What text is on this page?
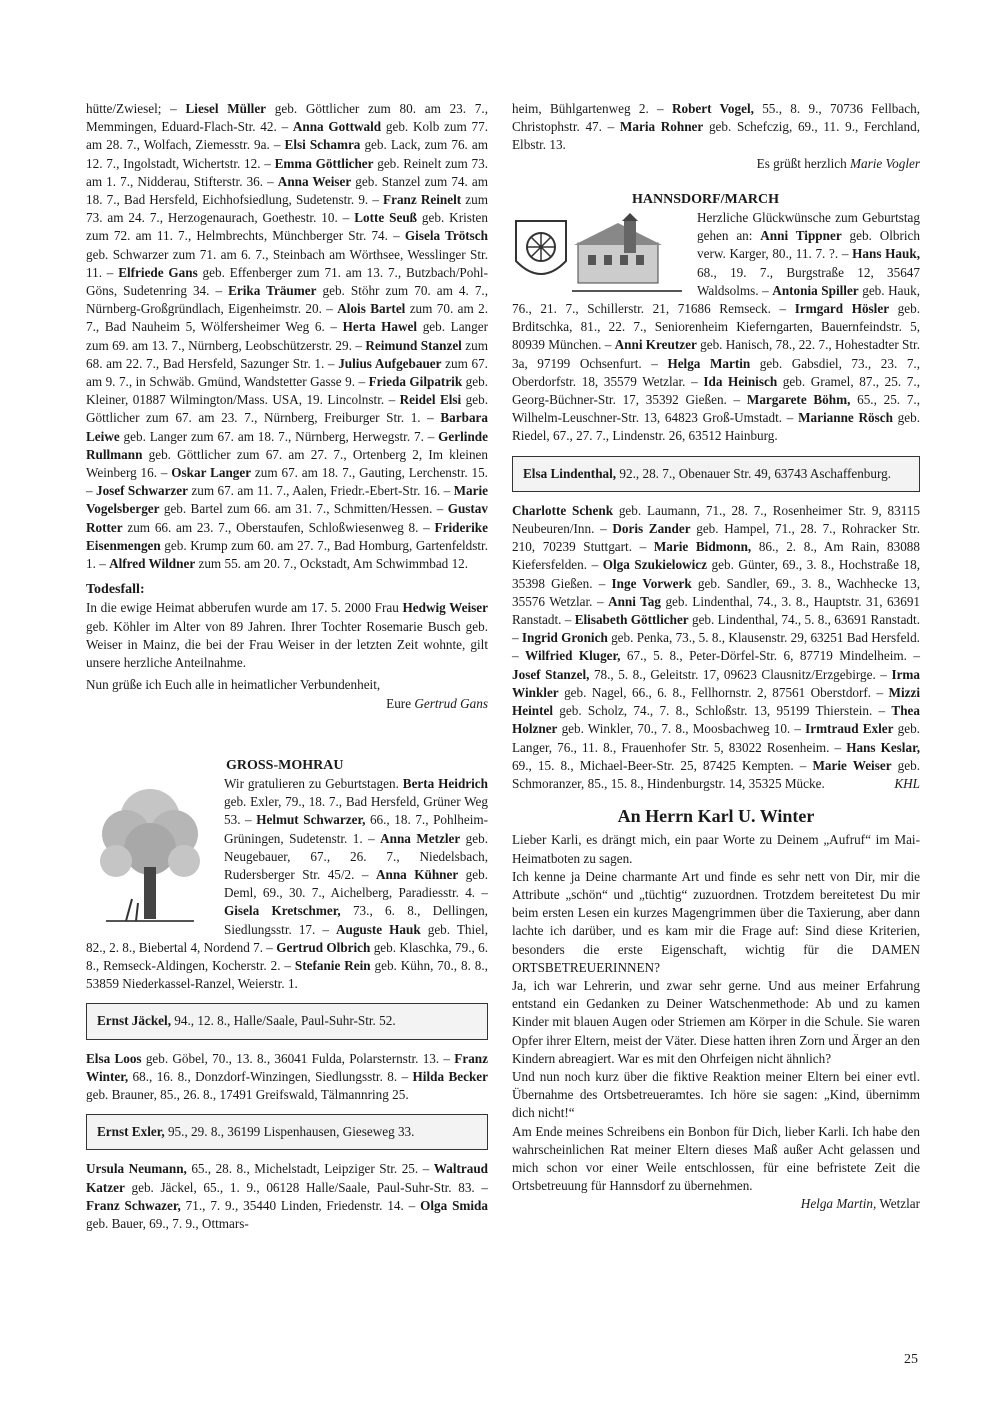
hütte/Zwiesel; – Liesel Müller geb. Göttlicher zum 80. am 23. 7., Memmingen, Eduard-Flach-Str. 42. – Anna Gottwald geb. Kolb zum 77. am 28. 7., Wolfach, Ziemesstr. 9a. – Elsi Schamra geb. Lack, zum 76. am 12. 7., Ingolstadt, Wichertstr. 12. – Emma Göttlicher geb. Reinelt zum 73. am 1. 7., Nidderau, Stifterstr. 36. – Anna Weiser geb. Stanzel zum 74. am 18. 7., Bad Hersfeld, Eichhofsiedlung, Sudetenstr. 9. – Franz Reinelt zum 73. am 24. 7., Herzogenaurach, Goethestr. 10. – Lotte Seuß geb. Kristen zum 72. am 11. 7., Helmbrechts, Münchberger Str. 74. – Gisela Trötsch geb. Schwarzer zum 71. am 6. 7., Steinbach am Wörthsee, Wesslinger Str. 11. – Elfriede Gans geb. Effenberger zum 71. am 13. 7., Butzbach/Pohl-Göns, Sudetenring 34. – Erika Träumer geb. Stöhr zum 70. am 4. 7., Nürnberg-Großgründlach, Eigenheimstr. 20. – Alois Bartel zum 70. am 2. 7., Bad Nauheim 5, Wölfersheimer Weg 6. – Herta Hawel geb. Langer zum 69. am 13. 7., Nürnberg, Leobschützerstr. 29. – Reimund Stanzel zum 68. am 22. 7., Bad Hersfeld, Sazunger Str. 1. – Julius Aufgebauer zum 67. am 9. 7., in Schwäb. Gmünd, Wandstetter Gasse 9. – Frieda Gilpatrik geb. Kleiner, 01887 Wilmington/Mass. USA, 19. Lincolnstr. – Reidel Elsi geb. Göttlicher zum 67. am 23. 7., Nürnberg, Freiburger Str. 1. – Barbara Leiwe geb. Langer zum 67. am 18. 7., Nürnberg, Herwegstr. 7. – Gerlinde Rullmann geb. Göttlicher zum 67. am 27. 7., Ortenberg 2, Im kleinen Weinberg 16. – Oskar Langer zum 67. am 18. 7., Gauting, Lerchenstr. 15. – Josef Schwarzer zum 67. am 11. 7., Aalen, Friedr.-Ebert-Str. 16. – Marie Vogelsberger geb. Bartel zum 66. am 31. 7., Schmitten/Hessen. – Gustav Rotter zum 66. am 23. 7., Oberstaufen, Schloßwiesenweg 8. – Friderike Eisenmengen geb. Krump zum 60. am 27. 7., Bad Homburg, Gartenfeldstr. 1. – Alfred Wildner zum 55. am 20. 7., Ockstadt, Am Schwimmbad 12.

Todesfall:

In die ewige Heimat abberufen wurde am 17. 5. 2000 Frau Hedwig Weiser geb. Köhler im Alter von 89 Jahren. Ihrer Tochter Rosemarie Busch geb. Weiser in Mainz, die bei der Frau Weiser in der letzten Zeit wohnte, gilt unsere herzliche Anteilnahme.

Nun grüße ich Euch alle in heimatlicher Verbundenheit,

Eure Gertrud Gans

GROSS-MOHRAU

Wir gratulieren zu Geburtstagen. Berta Heidrich geb. Exler, 79., 18. 7., Bad Hersfeld, Grüner Weg 53. – Helmut Schwarzer, 66., 18. 7., Pohlheim-Grüningen, Sudetenstr. 1. – Anna Metzler geb. Neugebauer, 67., 26. 7., Niedelsbach, Rudersberger Str. 45/2. – Anna Kühner geb. Deml, 69., 30. 7., Aichelberg, Paradiesstr. 4. – Gisela Kretschmer, 73., 6. 8., Dellingen, Siedlungsstr. 17. – Auguste Hauk geb. Thiel, 82., 2. 8., Biebertal 4, Nordend 7. – Gertrud Olbrich geb. Klaschka, 79., 6. 8., Remseck-Aldingen, Kocherstr. 2. – Stefanie Rein geb. Kühn, 70., 8. 8., 53859 Niederkassel-Ranzel, Weierstr. 1.

Ernst Jäckel, 94., 12. 8., Halle/Saale, Paul-Suhr-Str. 52.

Elsa Loos geb. Göbel, 70., 13. 8., 36041 Fulda, Polarsternstr. 13. – Franz Winter, 68., 16. 8., Donzdorf-Winzingen, Siedlungsstr. 8. – Hilda Becker geb. Brauner, 85., 26. 8., 17491 Greifswald, Tälmannring 25.

Ernst Exler, 95., 29. 8., 36199 Lispenhausen, Gieseweg 33.

Ursula Neumann, 65., 28. 8., Michelstadt, Leipziger Str. 25. – Waltraud Katzer geb. Jäckel, 65., 1. 9., 06128 Halle/Saale, Paul-Suhr-Str. 83. – Franz Schwazer, 71., 7. 9., 35440 Linden, Friedenstr. 14. – Olga Smida geb. Bauer, 69., 7. 9., Ottmars-

heim, Bühlgartenweg 2. – Robert Vogel, 55., 8. 9., 70736 Fellbach, Christophstr. 47. – Maria Rohner geb. Schefczig, 69., 11. 9., Ferchland, Elbstr. 13.

Es grüßt herzlich Marie Vogler

HANNSDORF/MARCH

Herzliche Glückwünsche zum Geburtstag gehen an: Anni Tippner geb. Olbrich verw. Karger, 80., 11. 7. ?. – Hans Hauk, 68., 19. 7., Burgstraße 12, 35647 Waldsolms. – Antonia Spiller geb. Hauk, 76., 21. 7., Schillerstr. 21, 71686 Remseck. – Irmgard Hösler geb. Brditschka, 81., 22. 7., Seniorenheim Kieferngarten, Bauernfeindstr. 5, 80939 München. – Anni Kreutzer geb. Hanisch, 78., 22. 7., Hohestadter Str. 3a, 97199 Ochsenfurt. – Helga Martin geb. Gabsdiel, 73., 23. 7., Oberdorfstr. 18, 35579 Wetzlar. – Ida Heinisch geb. Gramel, 87., 25. 7., Georg-Büchner-Str. 17, 35392 Gießen. – Margarete Böhm, 65., 25. 7., Wilhelm-Leuschner-Str. 13, 64823 Groß-Umstadt. – Marianne Rösch geb. Riedel, 67., 27. 7., Lindenstr. 26, 63512 Hainburg.

Elsa Lindenthal, 92., 28. 7., Obenauer Str. 49, 63743 Aschaffenburg.

Charlotte Schenk geb. Laumann, 71., 28. 7., Rosenheimer Str. 9, 83115 Neubeuren/Inn. – Doris Zander geb. Hampel, 71., 28. 7., Rohracker Str. 210, 70239 Stuttgart. – Marie Bidmonn, 86., 2. 8., Am Rain, 83088 Kiefersfelden. – Olga Szukielowicz geb. Günter, 69., 3. 8., Hochstraße 18, 35398 Gießen. – Inge Vorwerk geb. Sandler, 69., 3. 8., Wachhecke 13, 35576 Wetzlar. – Anni Tag geb. Lindenthal, 74., 3. 8., Hauptstr. 31, 63691 Ranstadt. – Elisabeth Göttlicher geb. Lindenthal, 74., 5. 8., 63691 Ranstadt. – Ingrid Gronich geb. Penka, 73., 5. 8., Klausenstr. 29, 63251 Bad Hersfeld. – Wilfried Kluger, 67., 5. 8., Peter-Dörfel-Str. 6, 87719 Mindelheim. – Josef Stanzel, 78., 5. 8., Geleitstr. 17, 09623 Clausnitz/Erzgebirge. – Irma Winkler geb. Nagel, 66., 6. 8., Fellhornstr. 2, 87561 Oberstdorf. – Mizzi Heintel geb. Scholz, 74., 7. 8., Schloßstr. 13, 95199 Thierstein. – Thea Holzner geb. Winkler, 70., 7. 8., Moosbachweg 10. – Irmtraud Exler geb. Langer, 76., 11. 8., Frauenhofer Str. 5, 83022 Rosenheim. – Hans Keslar, 69., 15. 8., Michael-Beer-Str. 25, 87425 Kempten. – Marie Weiser geb. Schmoranzer, 85., 15. 8., Hindenburgstr. 14, 35325 Mücke.	KHL

An Herrn Karl U. Winter

Lieber Karli, es drängt mich, ein paar Worte zu Deinem „Aufruf“ im Mai-Heimatboten zu sagen.

Ich kenne ja Deine charmante Art und finde es sehr nett von Dir, mir die Attribute „schön“ und „tüchtig“ zuzuordnen. Trotzdem bereitetest Du mir beim ersten Lesen ein kurzes Magengrimmen über die Taxierung, aber dann lachte ich darüber, und es kam mir die Frage auf: Sind diese Kriterien, besonders die erste Eigenschaft, wichtig für die DAMEN ORTSBETREUERINNEN?

Ja, ich war Lehrerin, und zwar sehr gerne. Und aus meiner Erfahrung entstand ein Gedanken zu Deiner Watschenmethode: Ab und zu kamen Kinder mit blauen Augen oder Striemen am Körper in die Schule. Sie waren Opfer ihrer Eltern, meist der Väter. Diese hatten ihren Zorn und Ärger an den Kindern abreagiert. War es mit den Ohrfeigen nicht ähnlich?

Und nun noch kurz über die fiktive Reaktion meiner Eltern bei einer evtl. Übernahme des Ortsbetreueramtes. Ich höre sie sagen: „Kind, übernimm dich nicht!“

Am Ende meines Schreibens ein Bonbon für Dich, lieber Karli. Ich habe den wahrscheinlichen Rat meiner Eltern dieses Maß außer Acht gelassen und mich schon vor einer Weile entschlossen, für eine befristete Zeit die Ortsbetreuung für Hannsdorf zu übernehmen.

Helga Martin, Wetzlar

25
